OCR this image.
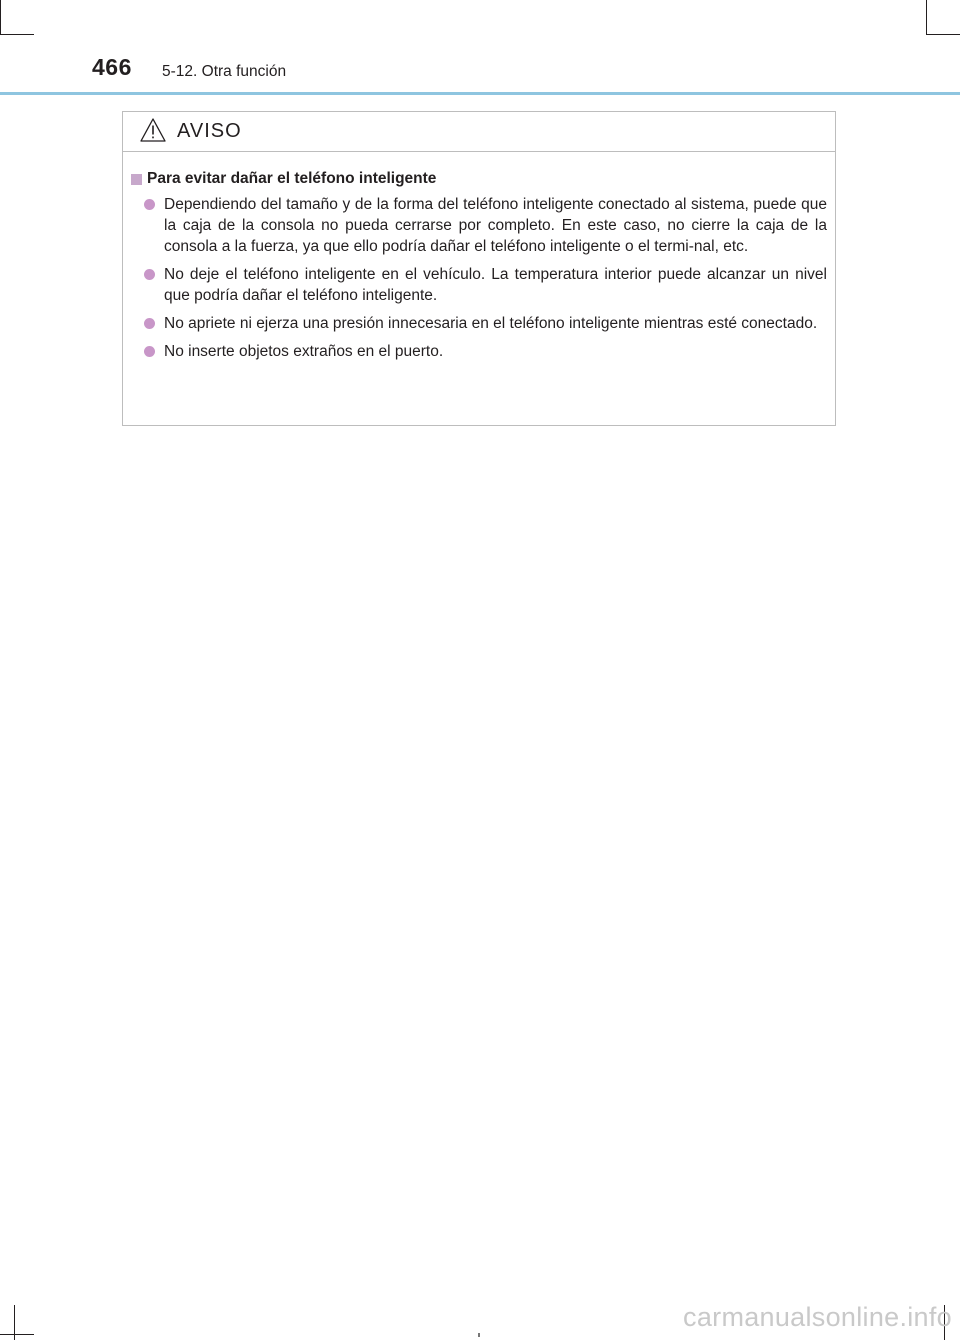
466 5-12. Otra función
AVISO
Para evitar dañar el teléfono inteligente
Dependiendo del tamaño y de la forma del teléfono inteligente conectado al sistema, puede que la caja de la consola no pueda cerrarse por completo. En este caso, no cierre la caja de la consola a la fuerza, ya que ello podría dañar el teléfono inteligente o el termi-nal, etc.
No deje el teléfono inteligente en el vehículo. La temperatura interior puede alcanzar un nivel que podría dañar el teléfono inteligente.
No apriete ni ejerza una presión innecesaria en el teléfono inteligente mientras esté conectado.
No inserte objetos extraños en el puerto.
carmanualsonline.info
